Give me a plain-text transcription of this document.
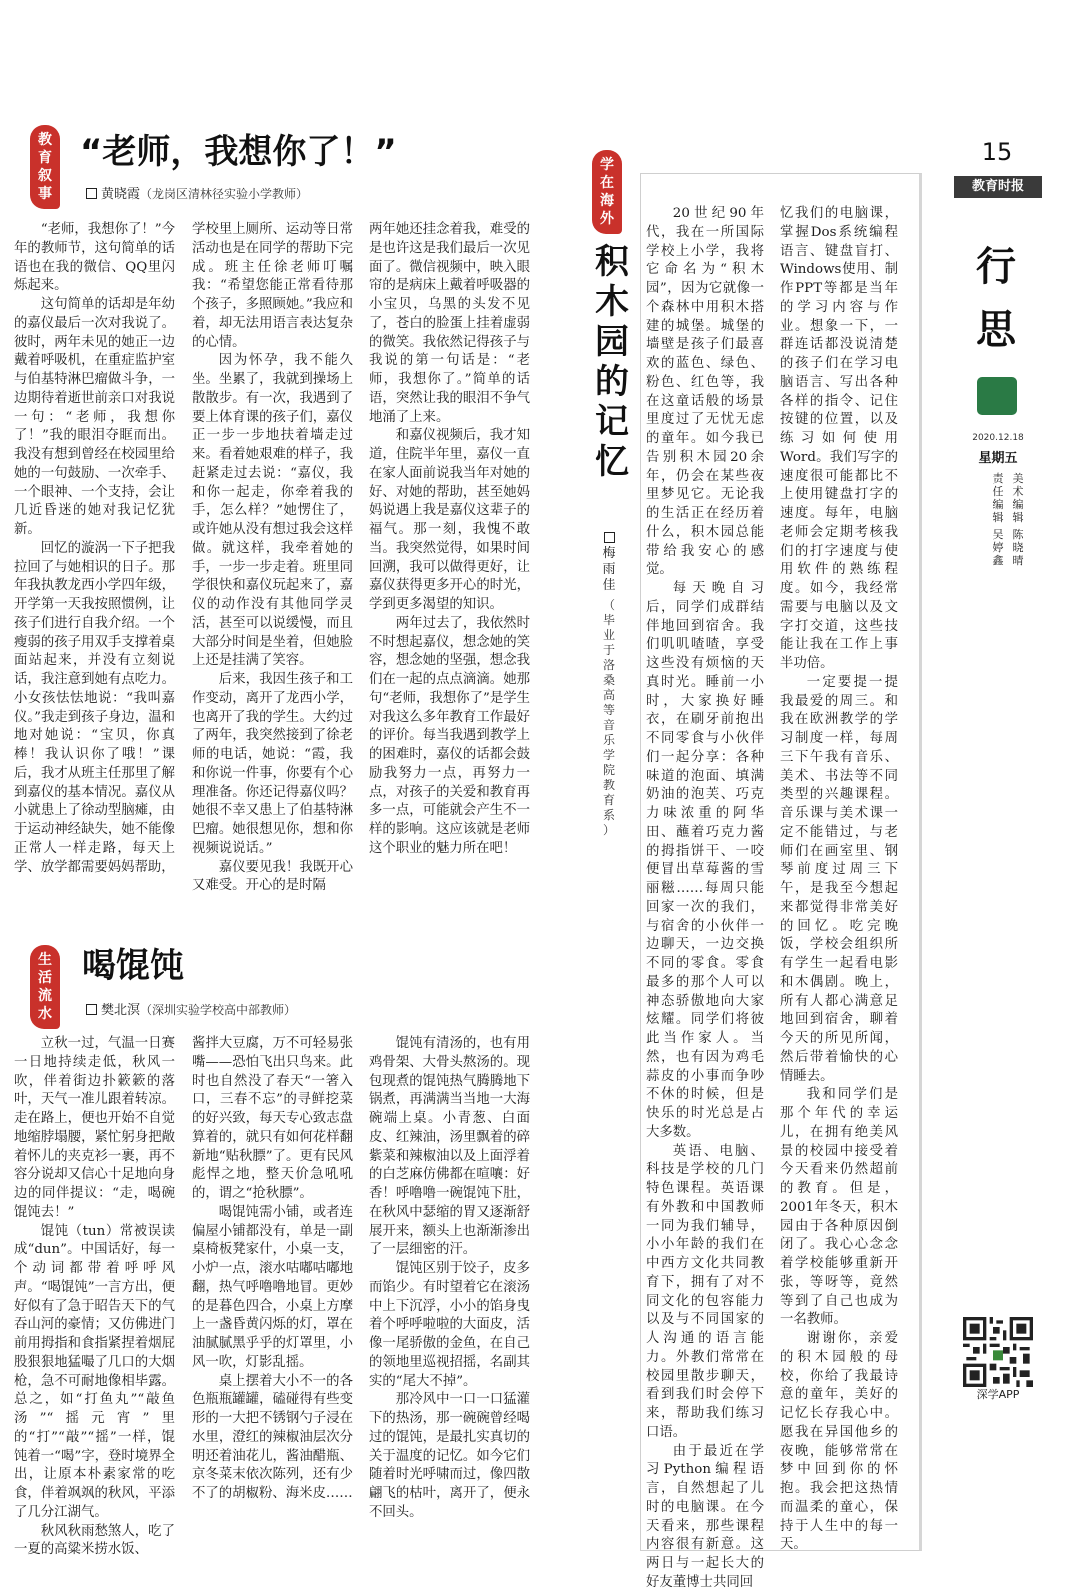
教
育
叙
事
“老师，我想你了！”
黄晓霞（龙岗区清林径实验小学教师）

“老师，我想你了！”今年的教师节，这句简单的话语也在我的微信、QQ里闪烁起来。

这句简单的话却是年幼的嘉仪最后一次对我说了。彼时，两年未见的她正一边戴着呼吸机，在重症监护室与伯基特淋巴瘤做斗争，一边期待着逝世前亲口对我说一句：“老师，我想你了！”我的眼泪夺眶而出。我没有想到曾经在校园里给她的一句鼓励、一次牵手、一个眼神、一个支持，会让几近昏迷的她对我记忆犹新。

回忆的漩涡一下子把我拉回了与她相识的日子。那年我执教龙西小学四年级，开学第一天我按照惯例，让孩子们进行自我介绍。一个瘦弱的孩子用双手支撑着桌面站起来，并没有立刻说话，我注意到她有点吃力。小女孩怯怯地说：“我叫嘉仪。”我走到孩子身边，温和地对她说：“宝贝，你真棒！我认识你了哦！”课后，我才从班主任那里了解到嘉仪的基本情况。嘉仪从小就患上了徐动型脑瘫，由于运动神经缺失，她不能像正常人一样走路，每天上学、放学都需要妈妈帮助，

学校里上厕所、运动等日常活动也是在同学的帮助下完成。班主任徐老师叮嘱我：“希望您能正常看待那个孩子，多照顾她。”我应和着，却无法用语言表达复杂的心情。

因为怀孕，我不能久坐。坐累了，我就到操场上散散步。有一次，我遇到了要上体育课的孩子们，嘉仪正一步一步地扶着墙走过来。看着她艰难的样子，我赶紧走过去说：“嘉仪，我和你一起走，你牵着我的手，怎么样？”她愣住了，或许她从没有想过我会这样做。就这样，我牵着她的手，一步一步走着。班里同学很快和嘉仪玩起来了，嘉仪的动作没有其他同学灵活，甚至可以说缓慢，而且大部分时间是坐着，但她脸上还是挂满了笑容。

后来，我因生孩子和工作变动，离开了龙西小学，也离开了我的学生。大约过了两年，我突然接到了徐老师的电话，她说：“霞，我和你说一件事，你要有个心理准备。你还记得嘉仪吗？她很不幸又患上了伯基特淋巴瘤。她很想见你，想和你视频说说话。”

嘉仪要见我！我既开心又难受。开心的是时隔

两年她还挂念着我，难受的是也许这是我们最后一次见面了。微信视频中，映入眼帘的是病床上戴着呼吸器的小宝贝，乌黑的头发不见了，苍白的脸蛋上挂着虚弱的微笑。我依然记得孩子与我说的第一句话是：“老师，我想你了。”简单的话语，突然让我的眼泪不争气地涌了上来。

和嘉仪视频后，我才知道，住院半年里，嘉仪一直在家人面前说我当年对她的好、对她的帮助，甚至她妈妈说遇上我是嘉仪这辈子的福气。那一刻，我愧不敢当。我突然觉得，如果时间回溯，我可以做得更好，让嘉仪获得更多开心的时光，学到更多渴望的知识。

两年过去了，我依然时不时想起嘉仪，想念她的笑容，想念她的坚强，想念我们在一起的点点滴滴。她那句“老师，我想你了”是学生对我这么多年教育工作最好的评价。每当我遇到教学上的困难时，嘉仪的话都会鼓励我努力一点，再努力一点，对孩子的关爱和教育再多一点，可能就会产生不一样的影响。这应该就是老师这个职业的魅力所在吧！

生
活
流
水
喝馄饨
樊北溟（深圳实验学校高中部教师）

立秋一过，气温一日赛一日地持续走低，秋风一吹，伴着街边扑簌簌的落叶，天气一准儿跟着转凉。走在路上，便也开始不自觉地缩脖塌腰，紧忙躬身把敞着怀儿的夹克衫一裹，再不容分说却又信心十足地向身边的同伴提议：“走，喝碗馄饨去！”

馄饨（tun）常被误读成“dun”。中国话好，每一个动词都带着呼呼风声。“喝馄饨”一言方出，便好似有了急于昭告天下的气吞山河的豪情；又仿佛进门前用拇指和食指紧捏着烟屁股狠狠地猛嘬了几口的大烟枪，急不可耐地像相毕露。总之，如“打鱼丸”“敲鱼汤”“摇元宵”里的“打”“敲”“摇”一样，馄饨着一“喝”字，登时境界全出，让原本朴素家常的吃食，伴着飒飒的秋风，平添了几分江湖气。

秋风秋雨愁煞人，吃了一夏的高粱米捞水饭、

酱拌大豆腐，万不可轻易张嘴——恐怕飞出只鸟来。此时也自然没了春天“一箸入口，三春不忘”的寻鲜挖菜的好兴致，每天专心致志盘算着的，就只有如何花样翻新地“贴秋膘”了。更有民风彪悍之地，整天价急吼吼的，谓之“抢秋膘”。

喝馄饨需小铺，或者连偏屋小铺都没有，单是一副桌椅板凳家什，小桌一支，小炉一点，滚水咕嘟咕嘟地翻，热气呼噜噜地冒。更妙的是暮色四合，小桌上方摩上一盏昏黄闪烁的灯，罩在油腻腻黑乎乎的灯罩里，小风一吹，灯影乱摇。

桌上摆着大小不一的各色瓶瓶罐罐，磕碰得有些变形的一大把不锈钢勺子浸在水里，澄红的辣椒油层次分明还着油花儿，酱油醋瓶、京冬菜末依次陈列，还有少不了的胡椒粉、海米皮……

馄饨有清汤的，也有用鸡骨架、大骨头熬汤的。现包现煮的馄饨热气腾腾地下锅煮，再满满当当地一大海碗端上桌。小青葱、白面皮、红辣油，汤里飘着的碎紫菜和辣椒油以及上面浮着的白芝麻仿佛都在喧嚷：好香！呼噜噜一碗馄饨下肚，在秋风中瑟缩的胃又逐渐舒展开来，额头上也渐渐渗出了一层细密的汗。

馄饨区别于饺子，皮多而馅少。有时望着它在滚汤中上下沉浮，小小的馅身曳着个呼呼啦啦的大面皮，活像一尾骄傲的金鱼，在自己的领地里巡视招摇，名副其实的“尾大不掉”。

那冷风中一口一口猛灌下的热汤，那一碗碗曾经喝过的馄饨，是最扎实真切的关于温度的记忆。如今它们随着时光呼啸而过，像四散翩飞的枯叶，离开了，便永不回头。

学
在
海
外
积
木
园
的
记
忆
梅
雨
佳
（
毕
业
于
洛
桑
高
等
音
乐
学
院
教
育
系
）

20世纪90年代，我在一所国际学校上小学，我将它命名为“积木园”，因为它就像一个森林中用积木搭建的城堡。城堡的墙壁是孩子们最喜欢的蓝色、绿色、粉色、红色等，我在这童话般的场景里度过了无忧无虑的童年。如今我已告别积木园20余年，仍会在某些夜里梦见它。无论我的生活正在经历着什么，积木园总能带给我安心的感觉。

每天晚自习后，同学们成群结伴地回到宿舍。我们叽叽喳喳，享受这些没有烦恼的天真时光。睡前一小时，大家换好睡衣，在刷牙前抱出不同零食与小伙伴们一起分享：各种味道的泡面、填满奶油的泡芙、巧克力味浓重的阿华田、蘸着巧克力酱的拇指饼干、一咬便冒出草莓酱的雪丽糍……每周只能回家一次的我们，与宿舍的小伙伴一边聊天，一边交换不同的零食。零食最多的那个人可以神态骄傲地向大家炫耀。同学们将彼此当作家人。当然，也有因为鸡毛蒜皮的小事而争吵不休的时候，但是快乐的时光总是占大多数。

英语、电脑、科技是学校的几门特色课程。英语课有外教和中国教师一同为我们辅导，小小年龄的我们在中西方文化共同教育下，拥有了对不同文化的包容能力以及与不同国家的人沟通的语言能力。外教们常常在校园里散步聊天，看到我们时会停下来，帮助我们练习口语。

由于最近在学习Python编程语言，自然想起了儿时的电脑课。在今天看来，那些课程内容很有新意。这两日与一起长大的好友董博士共同回

忆我们的电脑课，掌握Dos系统编程语言、键盘盲打、Windows使用、制作PPT等都是当年的学习内容与作业。想象一下，一群连话都没说清楚的孩子们在学习电脑语言、写出各种各样的指令、记住按键的位置，以及练习如何使用Word。我们写字的速度很可能都比不上使用键盘打字的速度。每年，电脑老师会定期考核我们的打字速度与使用软件的熟练程度。如今，我经常需要与电脑以及文字打交道，这些技能让我在工作上事半功倍。

一定要提一提我最爱的周三。和我在欧洲教学的学习制度一样，每周三下午我有音乐、美术、书法等不同类型的兴趣课程。音乐课与美术课一定不能错过，与老师们在画室里、钢琴前度过周三下午，是我至今想起来都觉得非常美好的回忆。吃完晚饭，学校会组织所有学生一起看电影和木偶剧。晚上，所有人都心满意足地回到宿舍，聊着今天的所见所闻，然后带着愉快的心情睡去。

我和同学们是那个年代的幸运儿，在拥有绝美风景的校园中接受着今天看来仍然超前的教育。但是，2001年冬天，积木园由于各种原因倒闭了。我心心念念着学校能够重新开张，等呀等，竟然等到了自己也成为一名教师。

谢谢你，亲爱的积木园般的母校，你给了我最诗意的童年，美好的记忆长存我心中。愿我在异国他乡的夜晚，能够常常在梦中回到你的怀抱。我会把这热情而温柔的童心，保持于人生中的每一天。

15
教育时报
行
思
2020.12.18
星期五
责任编辑
吴婷鑫
美术编辑
陈晓晴
深学APP
